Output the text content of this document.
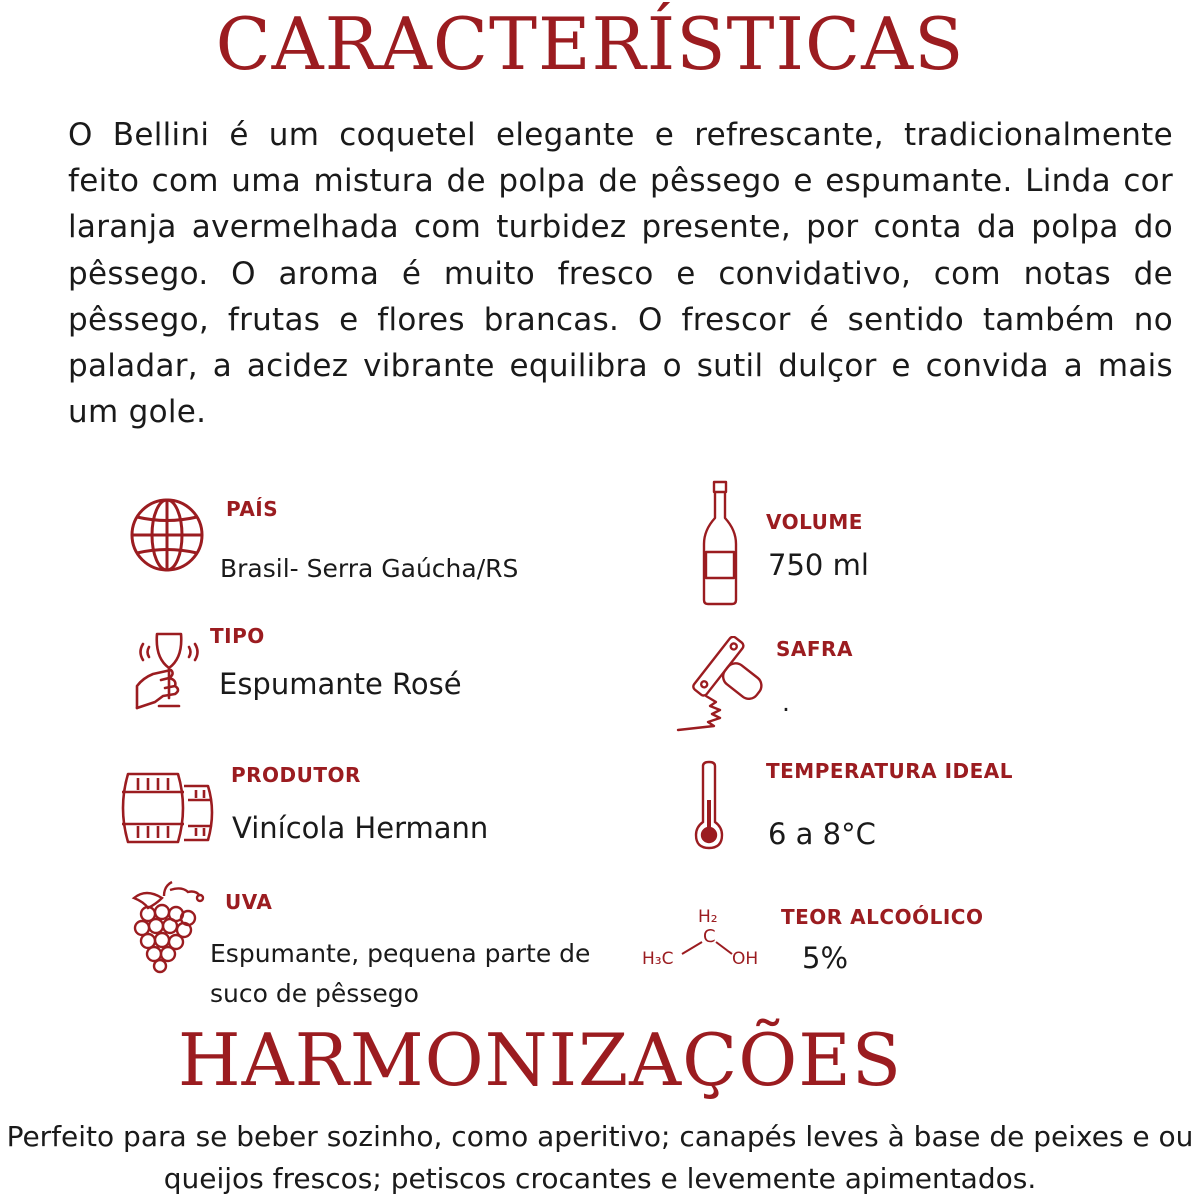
CARACTERÍSTICAS

O Bellini é um coquetel elegante e refrescante, tradicionalmente feito com uma mistura de polpa de pêssego e espumante. Linda cor laranja avermelhada com turbidez presente, por conta da polpa do pêssego. O aroma é muito fresco e convidativo, com notas de pêssego, frutas e flores brancas. O frescor é sentido também no paladar, a acidez vibrante equilibra o sutil dulçor e convida a mais um gole.

PAÍS
Brasil- Serra Gaúcha/RS
TIPO
Espumante Rosé
PRODUTOR
Vinícola Hermann
UVA
Espumante, pequena parte de suco de pêssego
VOLUME
750 ml
SAFRA
.
TEMPERATURA IDEAL
6 a 8°C
H₂
C
H₃C	OH
TEOR ALCOÓLICO
5%
HARMONIZAÇÕES

Perfeito para se beber sozinho, como aperitivo; canapés leves à base de peixes e ou queijos frescos; petiscos crocantes e levemente apimentados.
